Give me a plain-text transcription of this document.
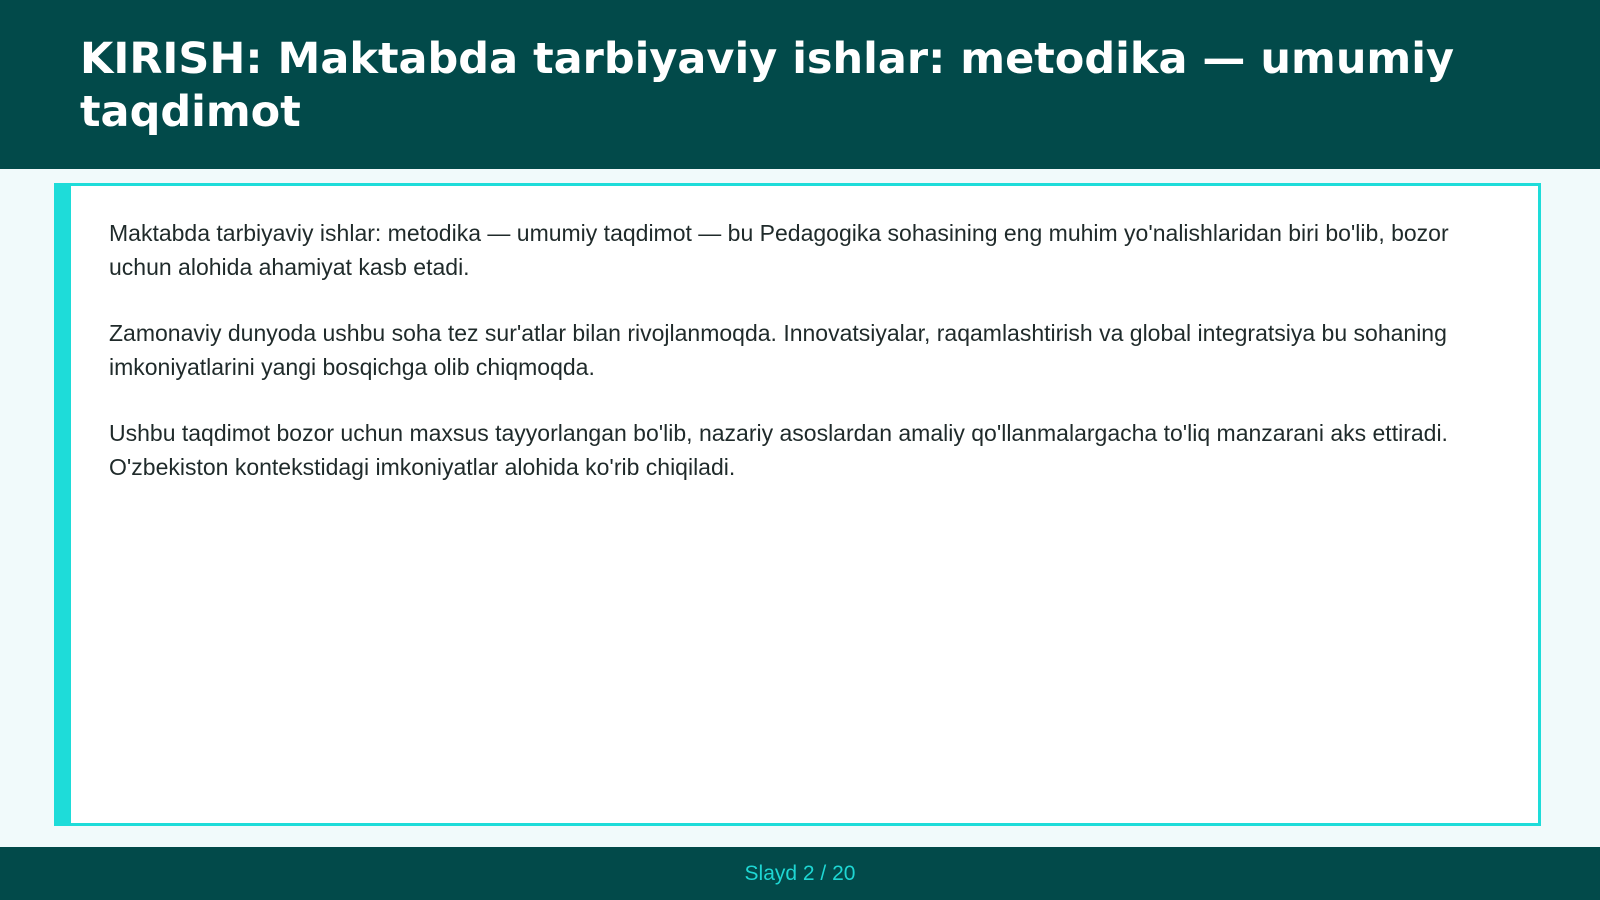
KIRISH: Maktabda tarbiyaviy ishlar: metodika — umumiy taqdimot

Maktabda tarbiyaviy ishlar: metodika — umumiy taqdimot — bu Pedagogika sohasining eng muhim yo'nalishlaridan biri bo'lib, bozor uchun alohida ahamiyat kasb etadi.

Zamonaviy dunyoda ushbu soha tez sur'atlar bilan rivojlanmoqda. Innovatsiyalar, raqamlashtirish va global integratsiya bu sohaning imkoniyatlarini yangi bosqichga olib chiqmoqda.

Ushbu taqdimot bozor uchun maxsus tayyorlangan bo'lib, nazariy asoslardan amaliy qo'llanmalargacha to'liq manzarani aks ettiradi. O'zbekiston kontekstidagi imkoniyatlar alohida ko'rib chiqiladi.

Slayd 2 / 20
